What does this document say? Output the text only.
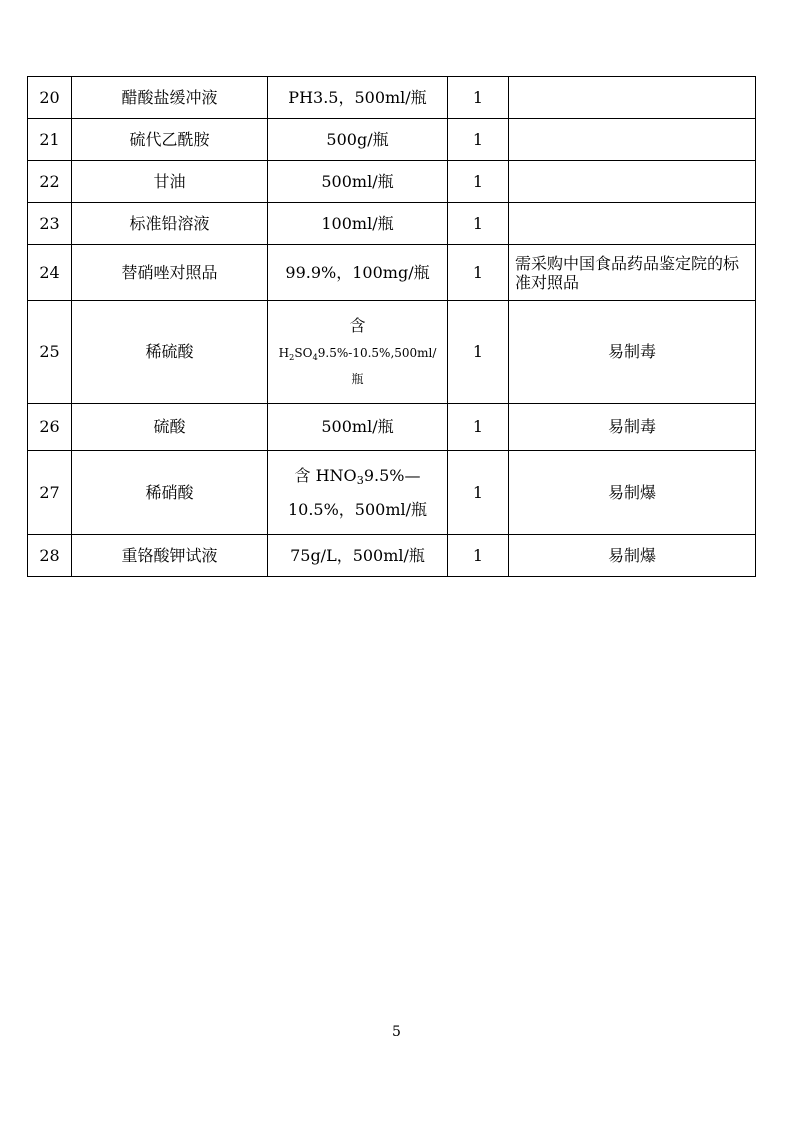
20	醋酸盐缓冲液	PH3.5，500ml/瓶	1	
21	硫代乙酰胺	500g/瓶	1	
22	甘油	500ml/瓶	1	
23	标准铅溶液	100ml/瓶	1	
24	替硝唑对照品	99.9%，100mg/瓶	1	需采购中国食品药品鉴定院的标准对照品
25	稀硫酸	含
$H_2SO_49.5\%-10.5\%,500ml/$
瓶	1	易制毒
26	硫酸	500ml/瓶	1	易制毒
27	稀硝酸	含 $HNO_39.5\%—$
10.5%，500ml/瓶	1	易制爆
28	重铬酸钾试液	75g/L，500ml/瓶	1	易制爆
5
